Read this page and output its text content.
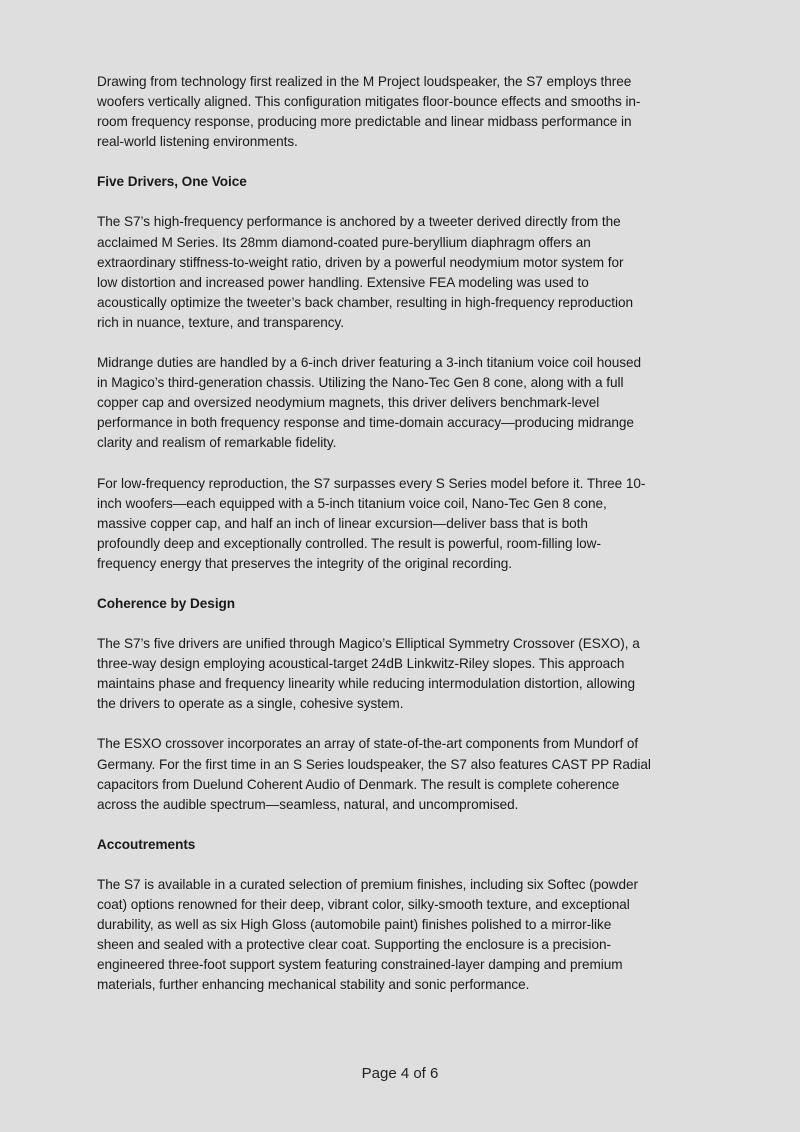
Drawing from technology first realized in the M Project loudspeaker, the S7 employs three
woofers vertically aligned. This configuration mitigates floor-bounce effects and smooths in-
room frequency response, producing more predictable and linear midbass performance in
real-world listening environments.
Five Drivers, One Voice
The S7’s high-frequency performance is anchored by a tweeter derived directly from the
acclaimed M Series. Its 28mm diamond-coated pure-beryllium diaphragm offers an
extraordinary stiffness-to-weight ratio, driven by a powerful neodymium motor system for
low distortion and increased power handling. Extensive FEA modeling was used to
acoustically optimize the tweeter’s back chamber, resulting in high-frequency reproduction
rich in nuance, texture, and transparency.
Midrange duties are handled by a 6-inch driver featuring a 3-inch titanium voice coil housed
in Magico’s third-generation chassis. Utilizing the Nano-Tec Gen 8 cone, along with a full
copper cap and oversized neodymium magnets, this driver delivers benchmark-level
performance in both frequency response and time-domain accuracy—producing midrange
clarity and realism of remarkable fidelity.
For low-frequency reproduction, the S7 surpasses every S Series model before it. Three 10-
inch woofers—each equipped with a 5-inch titanium voice coil, Nano-Tec Gen 8 cone,
massive copper cap, and half an inch of linear excursion—deliver bass that is both
profoundly deep and exceptionally controlled. The result is powerful, room-filling low-
frequency energy that preserves the integrity of the original recording.
Coherence by Design
The S7’s five drivers are unified through Magico’s Elliptical Symmetry Crossover (ESXO), a
three-way design employing acoustical-target 24dB Linkwitz-Riley slopes. This approach
maintains phase and frequency linearity while reducing intermodulation distortion, allowing
the drivers to operate as a single, cohesive system.
The ESXO crossover incorporates an array of state-of-the-art components from Mundorf of
Germany. For the first time in an S Series loudspeaker, the S7 also features CAST PP Radial
capacitors from Duelund Coherent Audio of Denmark. The result is complete coherence
across the audible spectrum—seamless, natural, and uncompromised.
Accoutrements
The S7 is available in a curated selection of premium finishes, including six Softec (powder
coat) options renowned for their deep, vibrant color, silky-smooth texture, and exceptional
durability, as well as six High Gloss (automobile paint) finishes polished to a mirror-like
sheen and sealed with a protective clear coat. Supporting the enclosure is a precision-
engineered three-foot support system featuring constrained-layer damping and premium
materials, further enhancing mechanical stability and sonic performance.
Page 4 of 6
